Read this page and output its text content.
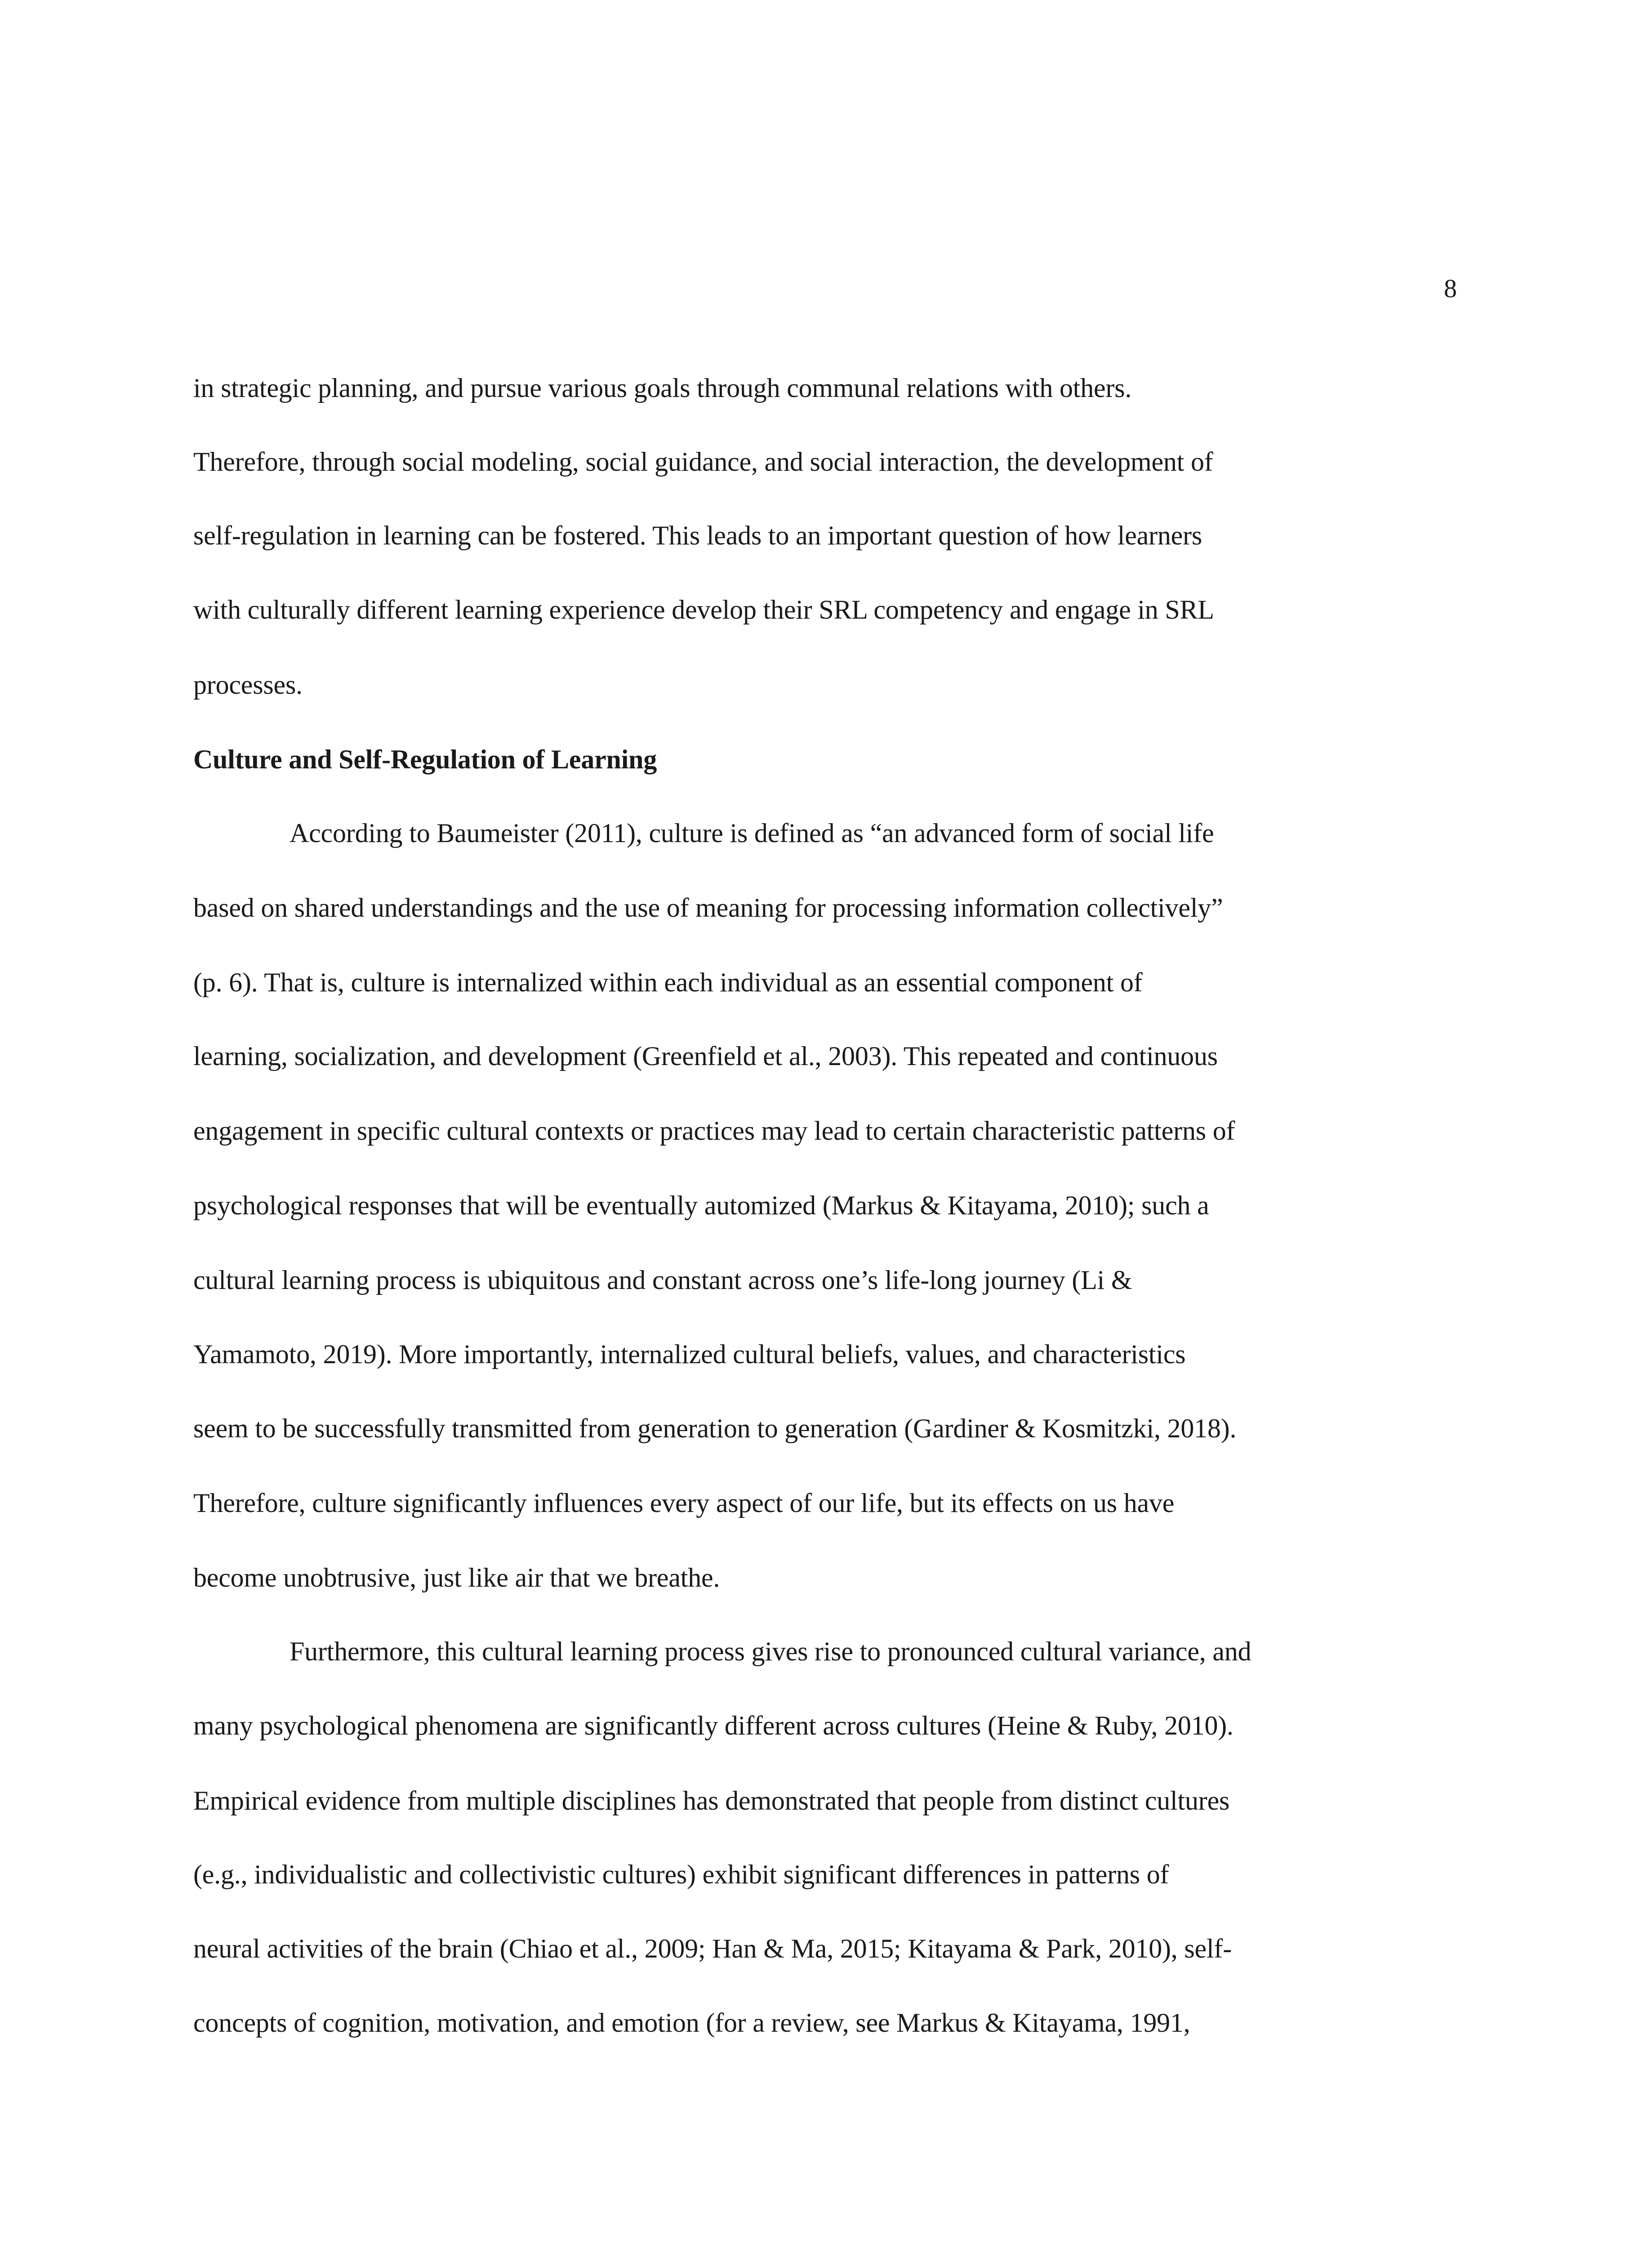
8
in strategic planning, and pursue various goals through communal relations with others.
Therefore, through social modeling, social guidance, and social interaction, the development of
self-regulation in learning can be fostered. This leads to an important question of how learners
with culturally different learning experience develop their SRL competency and engage in SRL
processes.
Culture and Self-Regulation of Learning
According to Baumeister (2011), culture is defined as “an advanced form of social life
based on shared understandings and the use of meaning for processing information collectively”
(p. 6). That is, culture is internalized within each individual as an essential component of
learning, socialization, and development (Greenfield et al., 2003). This repeated and continuous
engagement in specific cultural contexts or practices may lead to certain characteristic patterns of
psychological responses that will be eventually automized (Markus & Kitayama, 2010); such a
cultural learning process is ubiquitous and constant across one’s life-long journey (Li &
Yamamoto, 2019). More importantly, internalized cultural beliefs, values, and characteristics
seem to be successfully transmitted from generation to generation (Gardiner & Kosmitzki, 2018).
Therefore, culture significantly influences every aspect of our life, but its effects on us have
become unobtrusive, just like air that we breathe.
Furthermore, this cultural learning process gives rise to pronounced cultural variance, and
many psychological phenomena are significantly different across cultures (Heine & Ruby, 2010).
Empirical evidence from multiple disciplines has demonstrated that people from distinct cultures
(e.g., individualistic and collectivistic cultures) exhibit significant differences in patterns of
neural activities of the brain (Chiao et al., 2009; Han & Ma, 2015; Kitayama & Park, 2010), self-
concepts of cognition, motivation, and emotion (for a review, see Markus & Kitayama, 1991,
